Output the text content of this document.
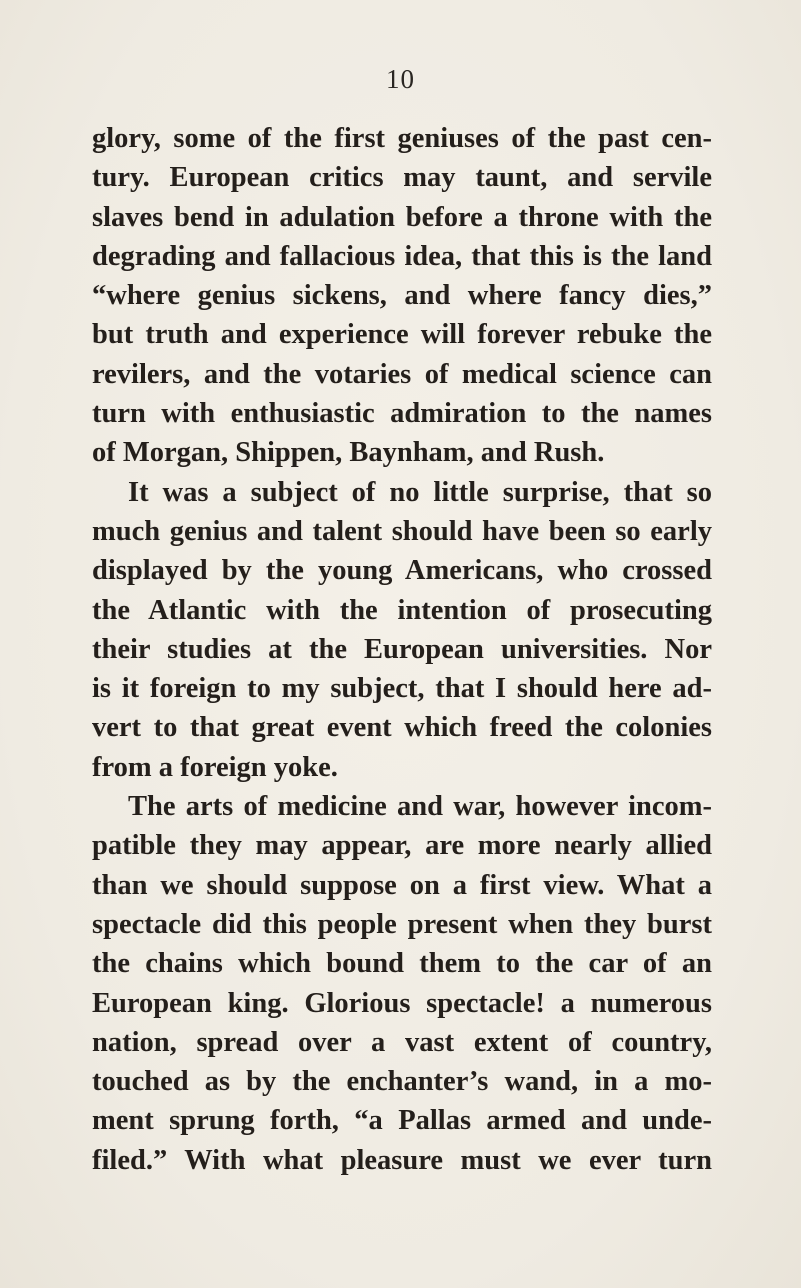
10
glory, some of the first geniuses of the past cen-
tury. European critics may taunt, and servile
slaves bend in adulation before a throne with the
degrading and fallacious idea, that this is the land
“where genius sickens, and where fancy dies,”
but truth and experience will forever rebuke the
revilers, and the votaries of medical science can
turn with enthusiastic admiration to the names
of Morgan, Shippen, Baynham, and Rush.
It was a subject of no little surprise, that so
much genius and talent should have been so early
displayed by the young Americans, who crossed
the Atlantic with the intention of prosecuting
their studies at the European universities. Nor
is it foreign to my subject, that I should here ad-
vert to that great event which freed the colonies
from a foreign yoke.
The arts of medicine and war, however incom-
patible they may appear, are more nearly allied
than we should suppose on a first view. What a
spectacle did this people present when they burst
the chains which bound them to the car of an
European king. Glorious spectacle! a numerous
nation, spread over a vast extent of country,
touched as by the enchanter’s wand, in a mo-
ment sprung forth, “a Pallas armed and unde-
filed.” With what pleasure must we ever turn
